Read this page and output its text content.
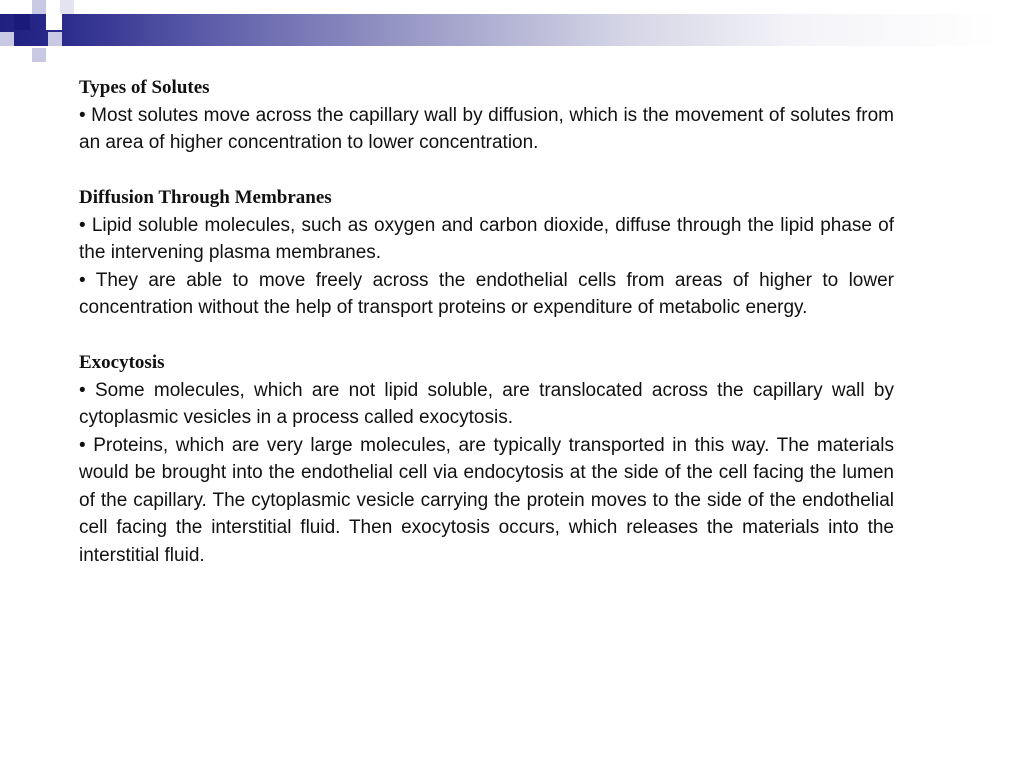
Types of Solutes

• Most solutes move across the capillary wall by diffusion, which is the movement of solutes from an area of higher concentration to lower concentration.

Diffusion Through Membranes

• Lipid soluble molecules, such as oxygen and carbon dioxide, diffuse through the lipid phase of the intervening plasma membranes.

• They are able to move freely across the endothelial cells from areas of higher to lower concentration without the help of transport proteins or expenditure of metabolic energy.

Exocytosis

• Some molecules, which are not lipid soluble, are translocated across the capillary wall by cytoplasmic vesicles in a process called exocytosis.

• Proteins, which are very large molecules, are typically transported in this way. The materials would be brought into the endothelial cell via endocytosis at the side of the cell facing the lumen of the capillary. The cytoplasmic vesicle carrying the protein moves to the side of the endothelial cell facing the interstitial fluid. Then exocytosis occurs, which releases the materials into the interstitial fluid.
